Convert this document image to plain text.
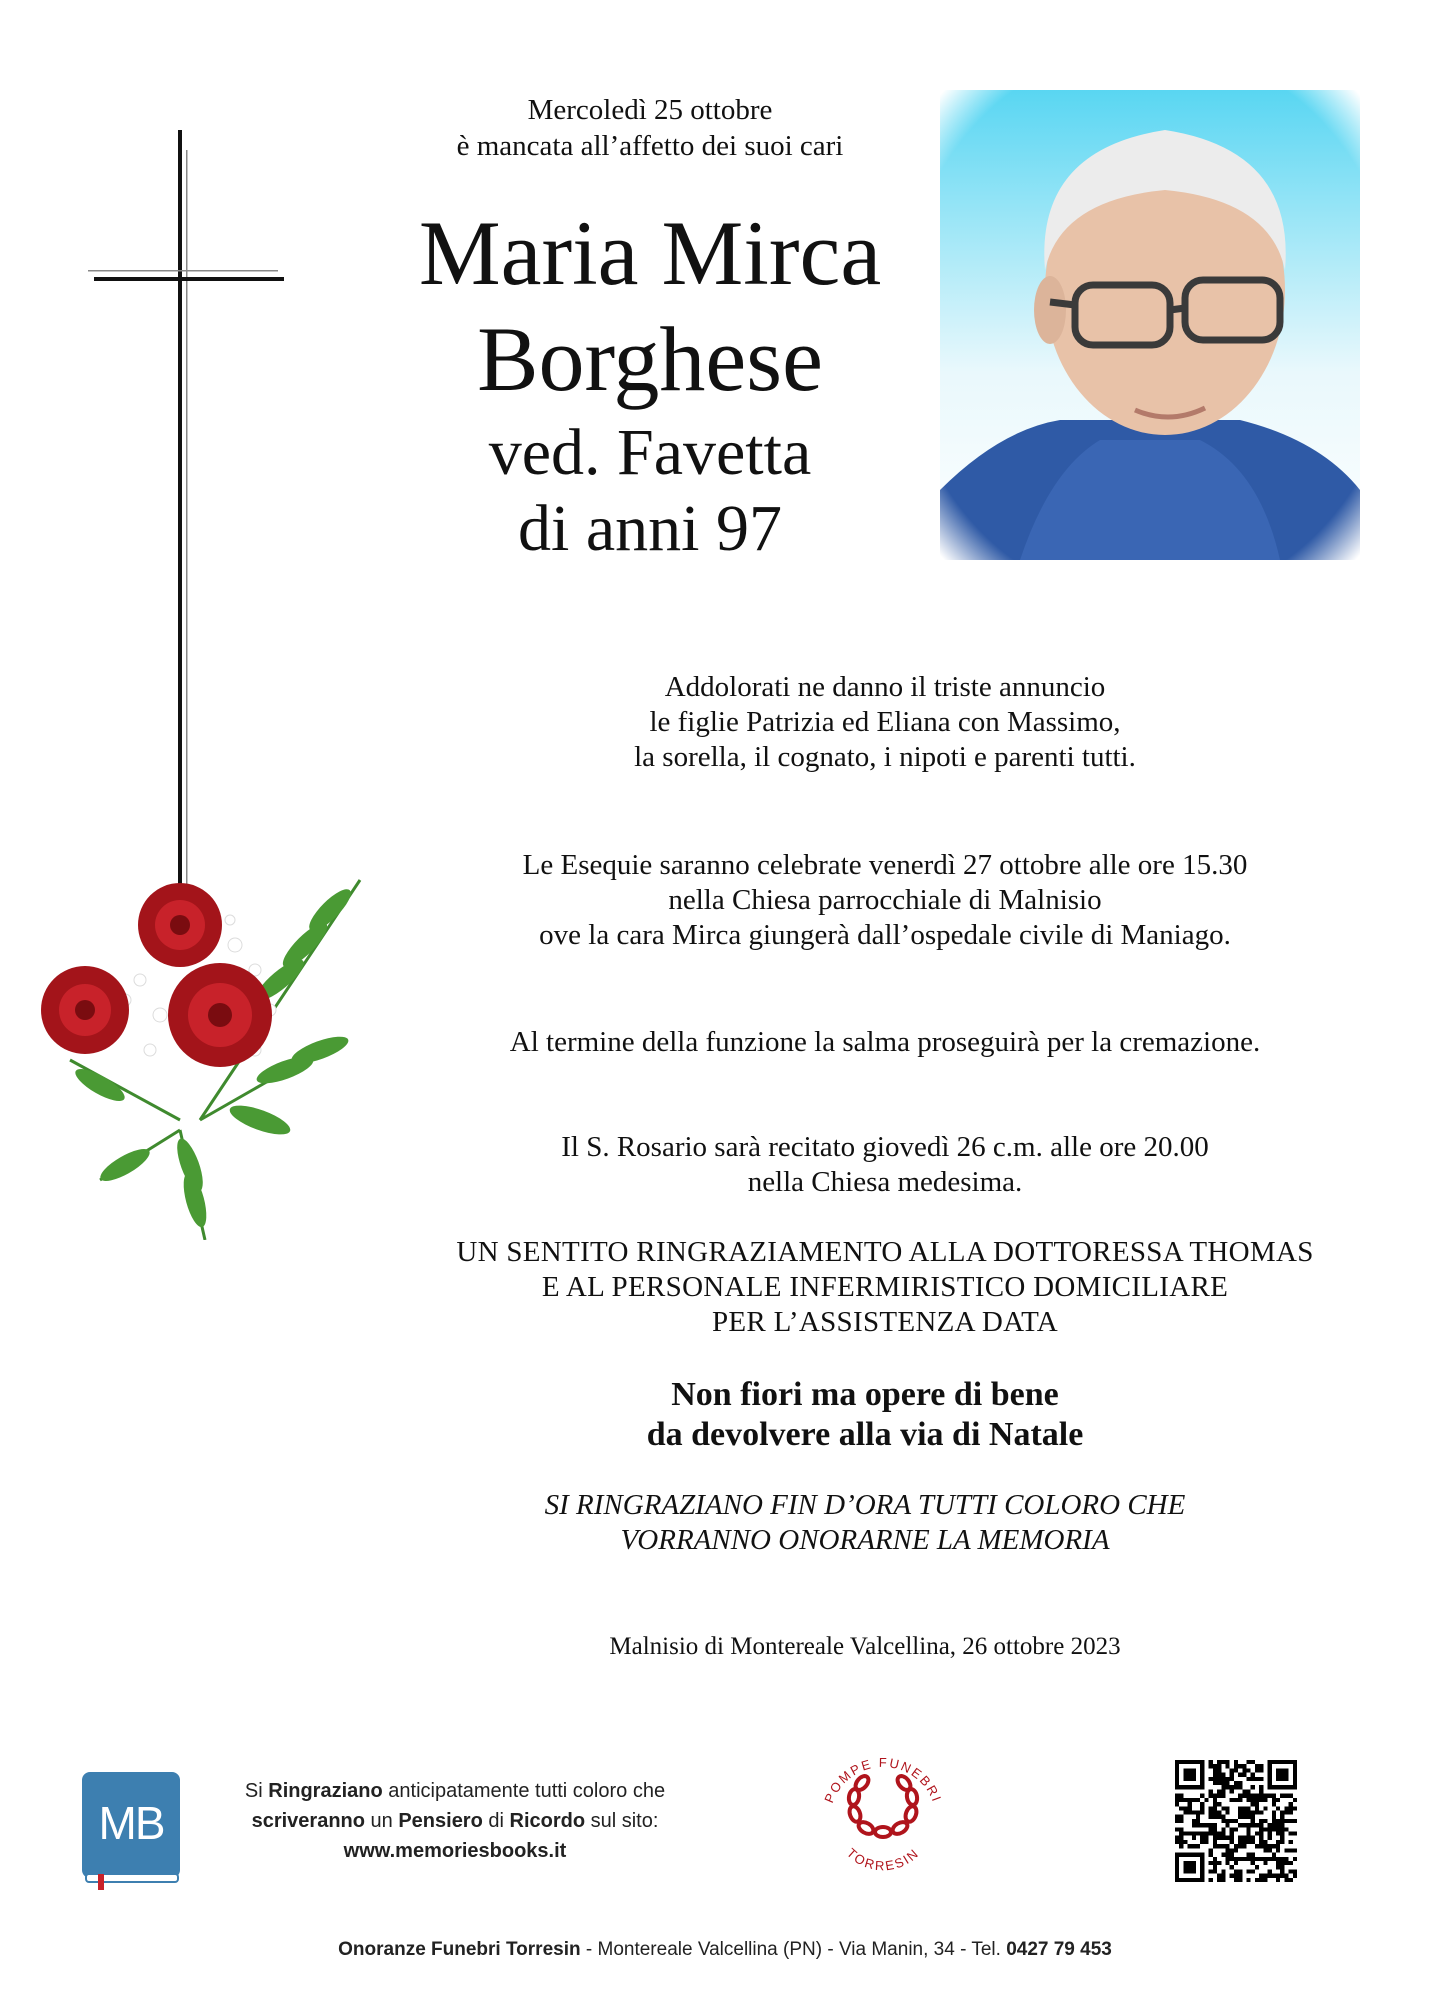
Mercoledì 25 ottobre
è mancata all’affetto dei suoi cari
Maria Mirca
Borghese
ved. Favetta
di anni 97
Addolorati ne danno il triste annuncio
le figlie Patrizia ed Eliana con Massimo,
la sorella, il cognato, i nipoti e parenti tutti.
Le Esequie saranno celebrate venerdì 27 ottobre alle ore 15.30
nella Chiesa parrocchiale di Malnisio
ove la cara Mirca giungerà dall’ospedale civile di Maniago.
Al termine della funzione la salma proseguirà per la cremazione.
Il S. Rosario sarà recitato giovedì 26 c.m. alle ore 20.00
nella Chiesa medesima.
UN SENTITO RINGRAZIAMENTO ALLA DOTTORESSA THOMAS
E AL PERSONALE INFERMIRISTICO DOMICILIARE
PER L’ASSISTENZA DATA
Non fiori ma opere di bene
da devolvere alla via di Natale
SI RINGRAZIANO FIN D’ORA TUTTI COLORO CHE
VORRANNO ONORARNE LA MEMORIA
Malnisio di Montereale Valcellina, 26 ottobre 2023
MB
Si Ringraziano anticipatamente tutti coloro che
scriveranno un Pensiero di Ricordo sul sito:
www.memoriesbooks.it
POMPE FUNEBRI
TORRESIN
Onoranze Funebri Torresin - Montereale Valcellina (PN) - Via Manin, 34 - Tel. 0427 79 453
